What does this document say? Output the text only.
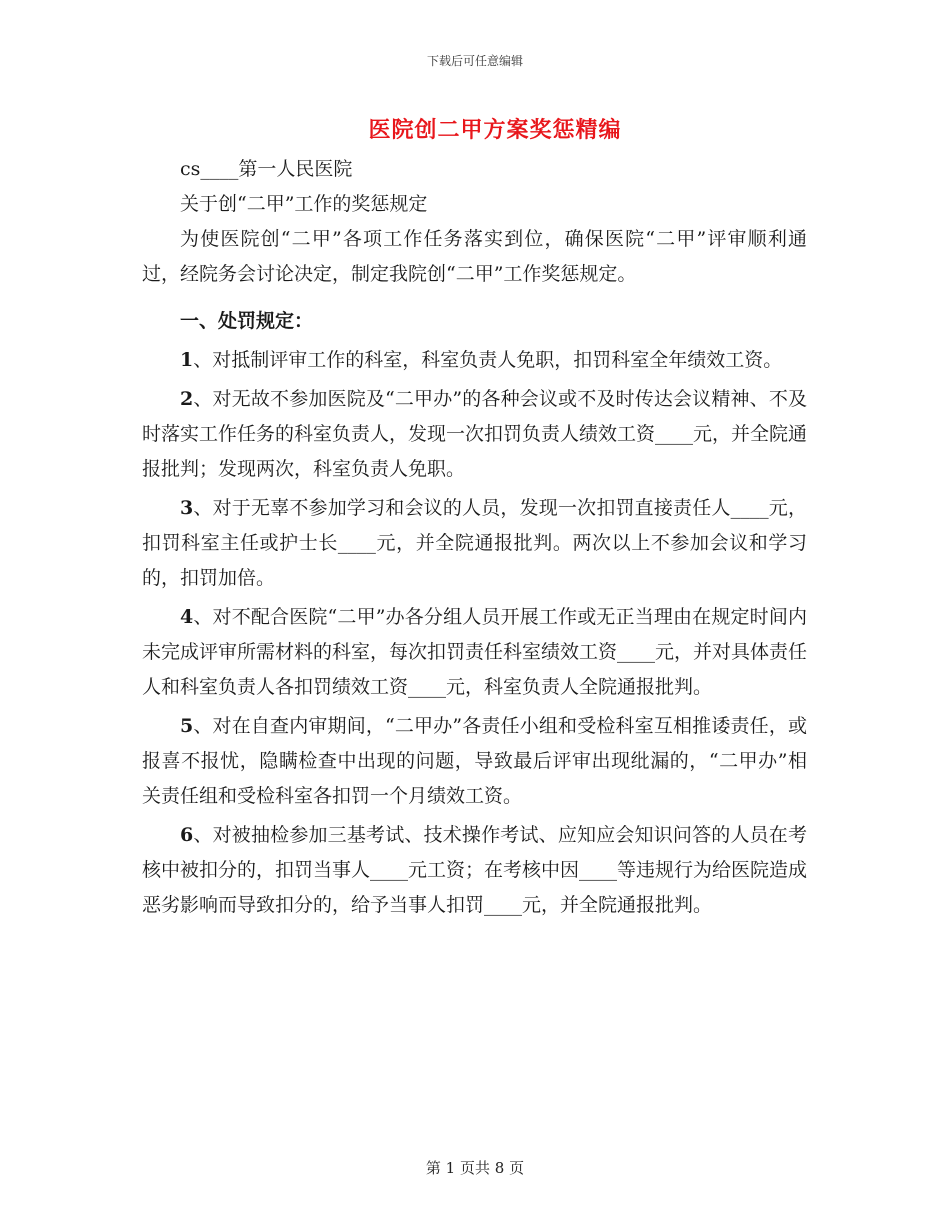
下载后可任意编辑
医院创二甲方案奖惩精编

cs____第一人民医院

关于创“二甲”工作的奖惩规定

为使医院创“二甲”各项工作任务落实到位，确保医院“二甲”评审顺利通过，经院务会讨论决定，制定我院创“二甲”工作奖惩规定。

一、处罚规定：

1、对抵制评审工作的科室，科室负责人免职，扣罚科室全年绩效工资。

2、对无故不参加医院及“二甲办”的各种会议或不及时传达会议精神、不及时落实工作任务的科室负责人，发现一次扣罚负责人绩效工资____元，并全院通报批判；发现两次，科室负责人免职。

3、对于无辜不参加学习和会议的人员，发现一次扣罚直接责任人____元，扣罚科室主任或护士长____元，并全院通报批判。两次以上不参加会议和学习的，扣罚加倍。

4、对不配合医院“二甲”办各分组人员开展工作或无正当理由在规定时间内未完成评审所需材料的科室，每次扣罚责任科室绩效工资____元，并对具体责任人和科室负责人各扣罚绩效工资____元，科室负责人全院通报批判。

5、对在自查内审期间，“二甲办”各责任小组和受检科室互相推诿责任，或报喜不报忧，隐瞒检查中出现的问题，导致最后评审出现纰漏的，“二甲办”相关责任组和受检科室各扣罚一个月绩效工资。

6、对被抽检参加三基考试、技术操作考试、应知应会知识问答的人员在考核中被扣分的，扣罚当事人____元工资；在考核中因____等违规行为给医院造成恶劣影响而导致扣分的，给予当事人扣罚____元，并全院通报批判。

第 1 页共 8 页
